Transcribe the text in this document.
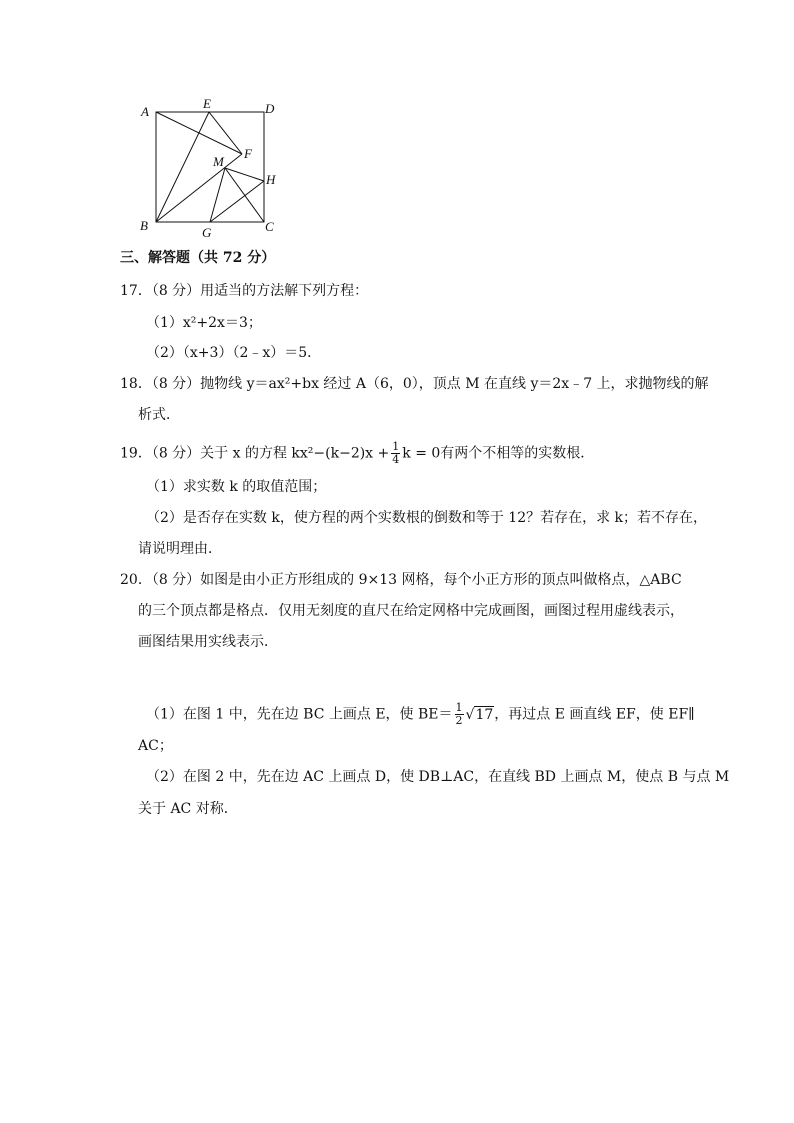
A
E	D
F
M
H
B	G	C
三、解答题（共 72 分）
17．（8 分）用适当的方法解下列方程：
（1）x²+2x＝3；
（2）（x+3）（2﹣x）＝5．
18．（8 分）抛物线 y＝ax²+bx 经过 A（6，0），顶点 M 在直线 y＝2x﹣7 上，求抛物线的解
析式．
19．（8 分）关于 x 的方程 $kx^2-(k-2)x + \frac{1}{4}$ k = 0有两个不相等的实数根．
（1）求实数 k 的取值范围；
（2）是否存在实数 k，使方程的两个实数根的倒数和等于 12？若存在，求 k；若不存在，
请说明理由．
20．（8 分）如图是由小正方形组成的 9×13 网格，每个小正方形的顶点叫做格点，△ABC
的三个顶点都是格点．仅用无刻度的直尺在给定网格中完成画图，画图过程用虚线表示，
画图结果用实线表示．
（1）在图 1 中，先在边 BC 上画点 E，使 $BE= \frac{1}{2} √17$，再过点 E 画直线 EF，使 EF∥
AC；
（2）在图 2 中，先在边 AC 上画点 D，使 DB⊥AC，在直线 BD 上画点 M，使点 B 与点 M
关于 AC 对称．
